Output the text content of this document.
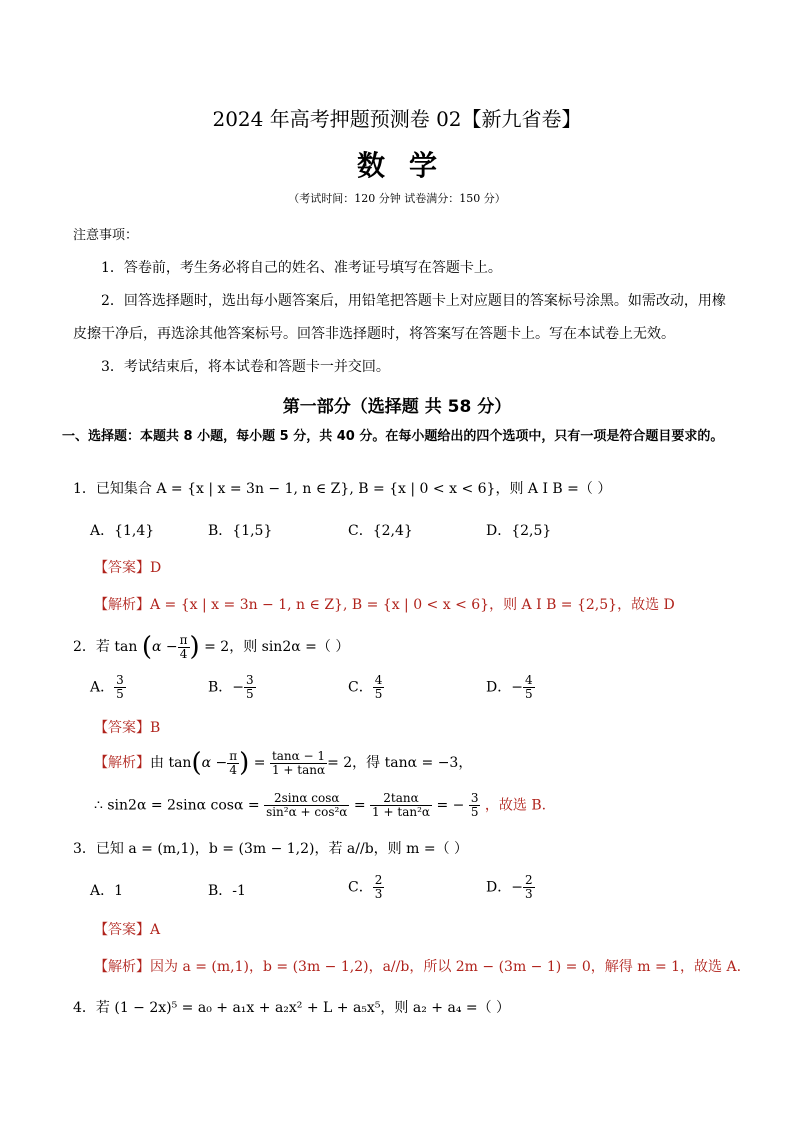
2024 年高考押题预测卷 02【新九省卷】
数学
（考试时间：120 分钟 试卷满分：150 分）
注意事项：
1．答卷前，考生务必将自己的姓名、准考证号填写在答题卡上。
2．回答选择题时，选出每小题答案后，用铅笔把答题卡上对应题目的答案标号涂黑。如需改动，用橡
皮擦干净后，再选涂其他答案标号。回答非选择题时，将答案写在答题卡上。写在本试卷上无效。
3．考试结束后，将本试卷和答题卡一并交回。
第一部分（选择题 共 58 分）
一、选择题：本题共 8 小题，每小题 5 分，共 40 分。在每小题给出的四个选项中，只有一项是符合题目要求的。
1．已知集合 A = {x | x = 3n − 1, n ∈ Z}, B = {x | 0 < x < 6}，则 A I B =（ ）
A．{1,4}	B．{1,5}	C．{2,4}	D．{2,5}
【答案】D
【解析】A = {x | x = 3n − 1, n ∈ Z}, B = {x | 0 < x < 6}，则 A I B = {2,5}，故选 D
2．若 $\tan (\alpha - \frac{\pi}{4}$ ) = 2，则 sin2α =（ ）
A． $\frac{3}{5}$	B．− $\frac{3}{5}$	C． $\frac{4}{5}$	D．− $\frac{4}{5}$
【答案】B
【解析】由 $\tan(\alpha - \frac{\pi}{4}$ ) = $\frac{\tan\alpha - 1}{1 + \tan\alpha} = 2$，得 tanα = −3，
∴ sin2α = 2sinα $\cos\alpha = \frac{\text{2sinα cosα}}{\text{sin²α + cos²α}} = \frac{2\tan\alpha}{\text{1 + tan²α}}$ = − $\frac{3}{5}$ ，故选 B.
3．已知 a = (m,1)，b = (3m − 1,2)，若 a//b，则 m =（ ）
A．1	B．-1	C． $\frac{2}{3}$	D．− $\frac{2}{3}$
【答案】A
【解析】因为 a = (m,1)，b = (3m − 1,2)，a//b，所以 2m − (3m − 1) = 0，解得 m = 1，故选 A.
4．若 (1 − 2x)⁵ = a₀ + a₁x + a₂x² + L + a₅x⁵，则 a₂ + a₄ =（ ）
